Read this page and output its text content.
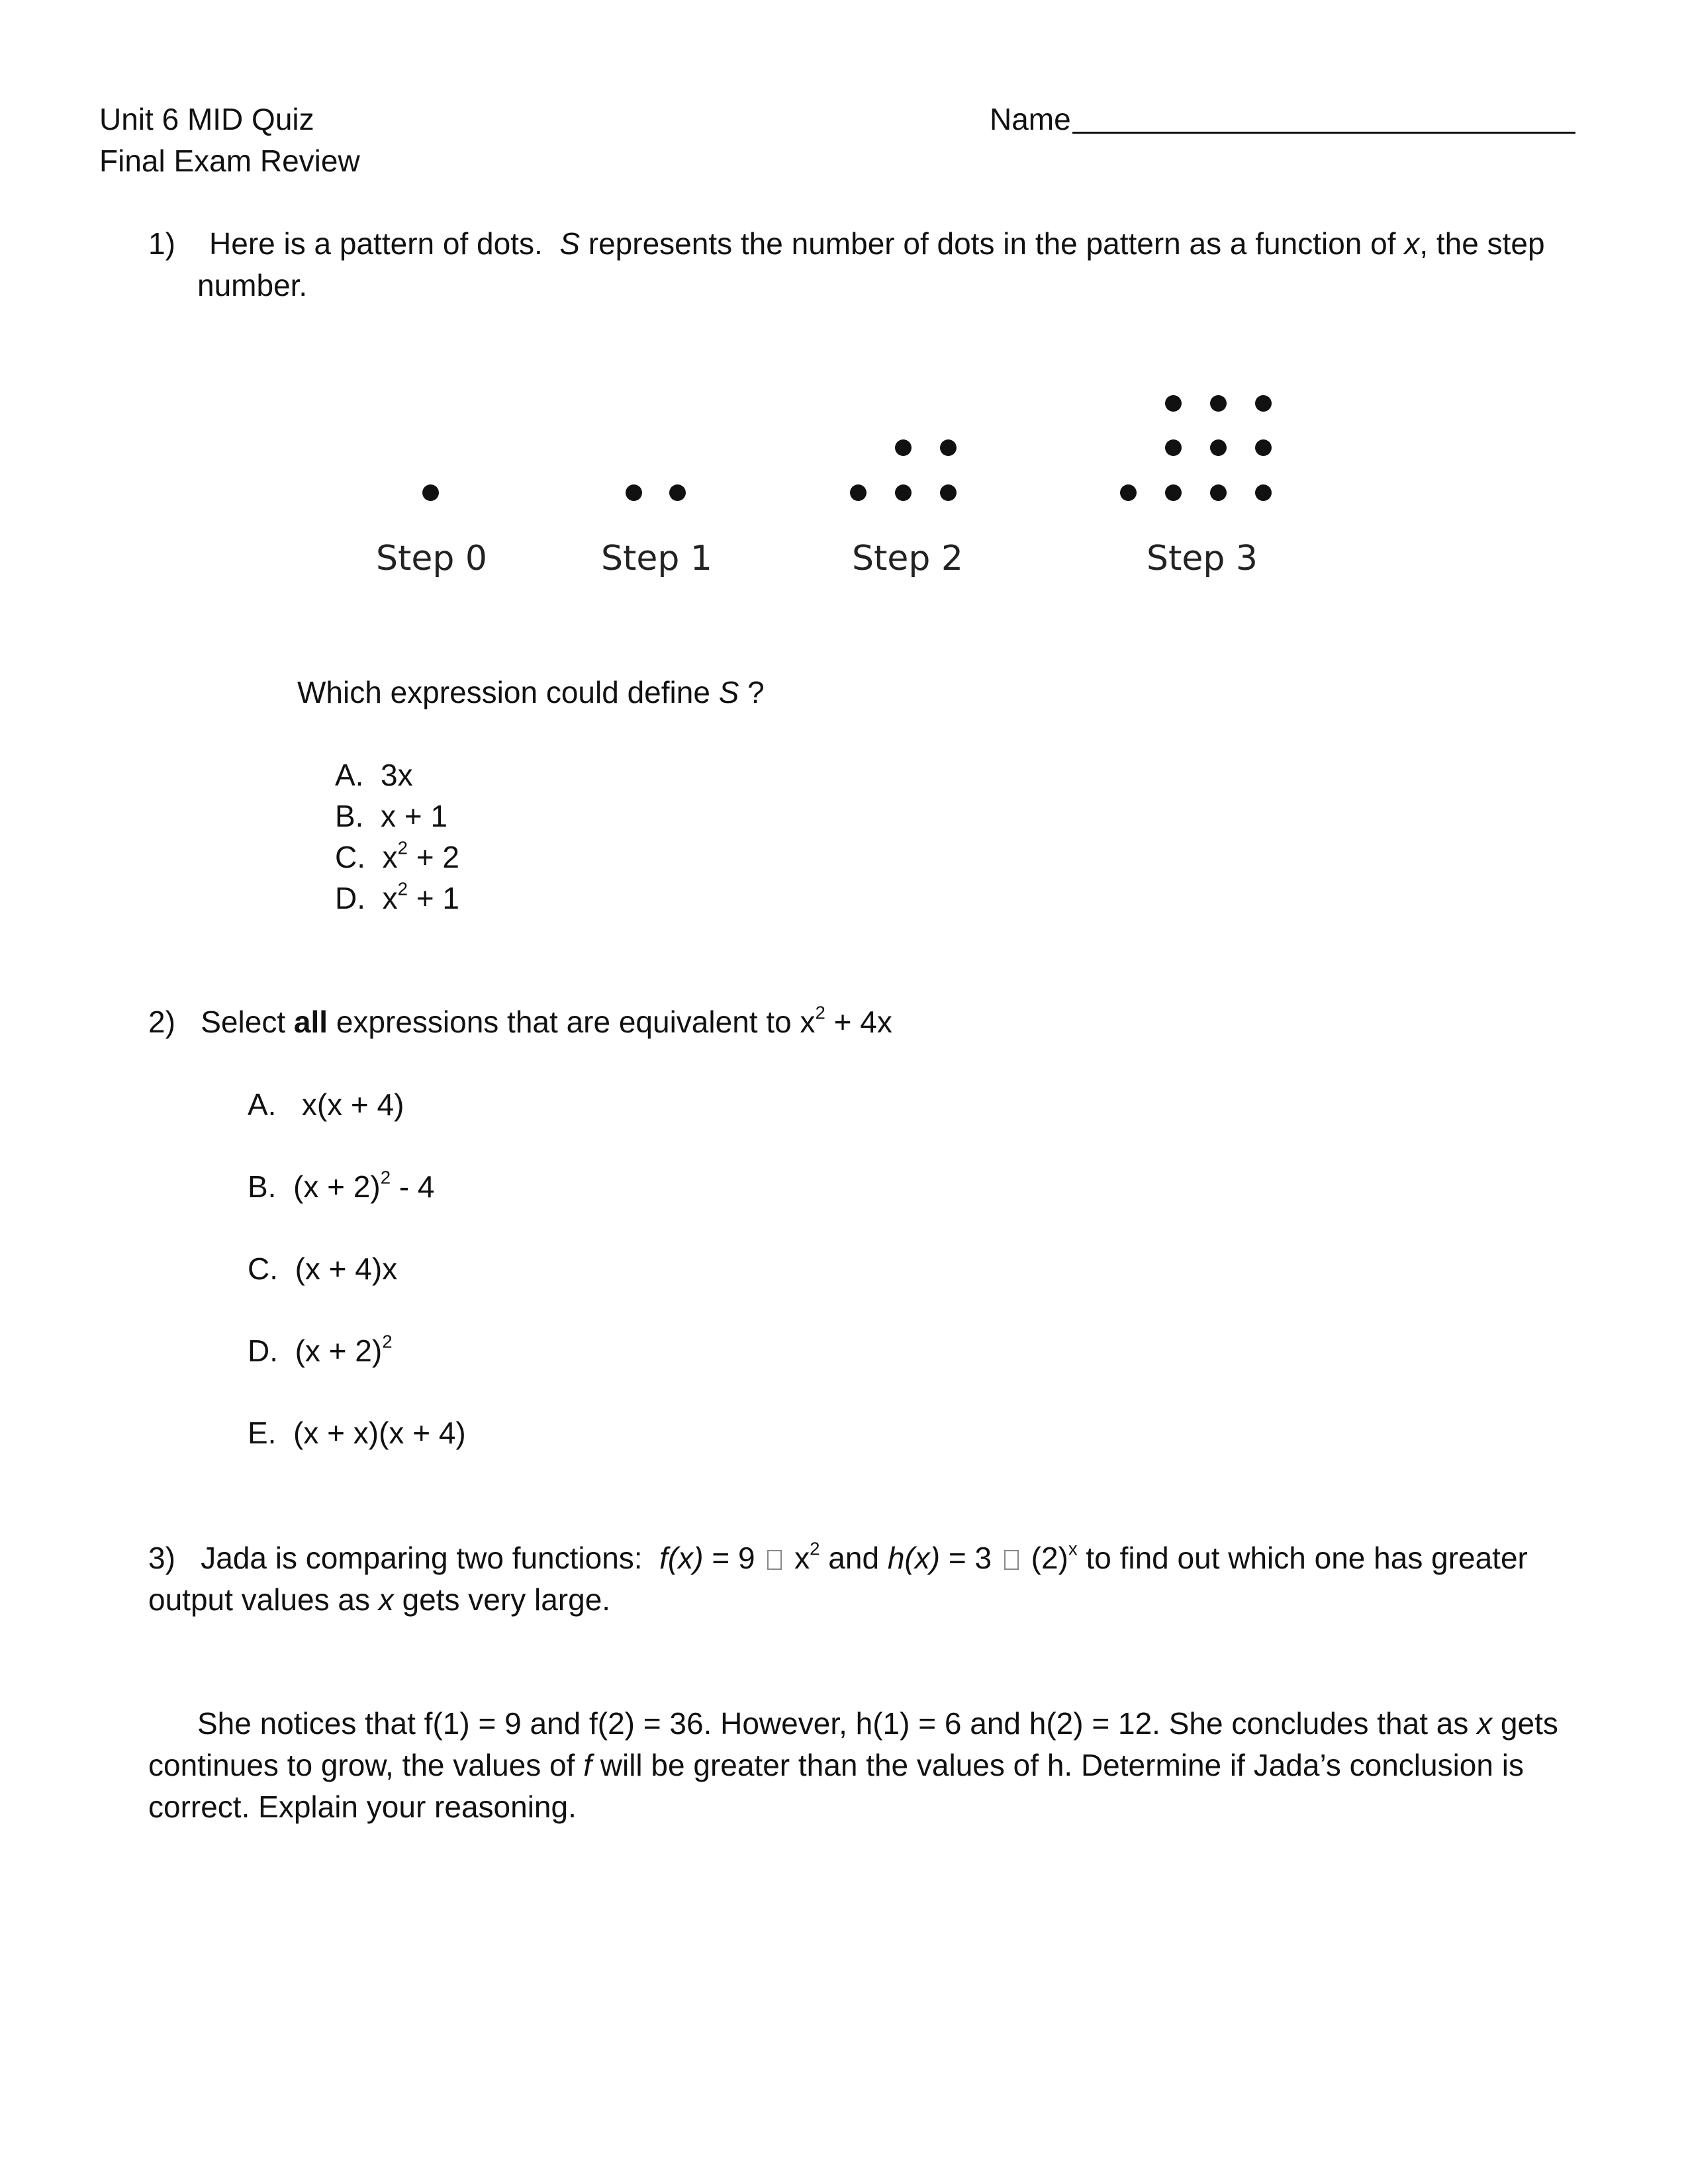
Unit 6 MID Quiz
Final Exam Review
Name
1) Here is a pattern of dots. S represents the number of dots in the pattern as a function of x, the step
number.
Step 0	Step 1	Step 2	Step 3
Which expression could define S ?
A. 3x
B. x + 1
C. $x^2 + 2$
D. $x^2 + 1$
2) Select all expressions that are equivalent to $x^2 + 4x$
A. x(x + 4)
B. $(x + 2)^2 - 4$
C. (x + 4)x
D. $(x + 2)^2$
E. (x + x)(x + 4)
3) Jada is comparing two functions: f(x) = 9  $x^2$ and h(x) = 3  $(2)^x$ to find out which one has greater
output values as x gets very large.
She notices that f(1) = 9 and f(2) = 36. However, h(1) = 6 and h(2) = 12. She concludes that as x gets
continues to grow, the values of f will be greater than the values of h. Determine if Jada’s conclusion is
correct. Explain your reasoning.
